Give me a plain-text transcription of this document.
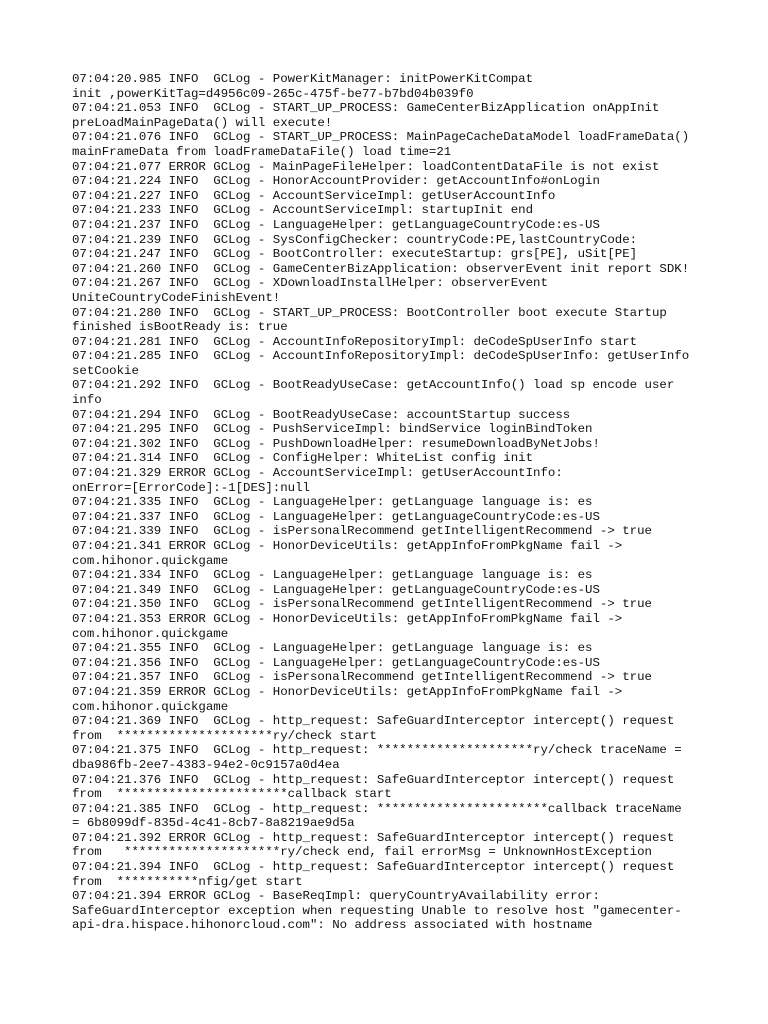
07:04:20.985 INFO  GCLog - PowerKitManager: initPowerKitCompat
init ,powerKitTag=d4956c09-265c-475f-be77-b7bd04b039f0
07:04:21.053 INFO  GCLog - START_UP_PROCESS: GameCenterBizApplication onAppInit
preLoadMainPageData() will execute!
07:04:21.076 INFO  GCLog - START_UP_PROCESS: MainPageCacheDataModel loadFrameData()
mainFrameData from loadFrameDataFile() load time=21
07:04:21.077 ERROR GCLog - MainPageFileHelper: loadContentDataFile is not exist
07:04:21.224 INFO  GCLog - HonorAccountProvider: getAccountInfo#onLogin
07:04:21.227 INFO  GCLog - AccountServiceImpl: getUserAccountInfo
07:04:21.233 INFO  GCLog - AccountServiceImpl: startupInit end
07:04:21.237 INFO  GCLog - LanguageHelper: getLanguageCountryCode:es-US
07:04:21.239 INFO  GCLog - SysConfigChecker: countryCode:PE,lastCountryCode:
07:04:21.247 INFO  GCLog - BootController: executeStartup: grs[PE], uSit[PE]
07:04:21.260 INFO  GCLog - GameCenterBizApplication: observerEvent init report SDK!
07:04:21.267 INFO  GCLog - XDownloadInstallHelper: observerEvent
UniteCountryCodeFinishEvent!
07:04:21.280 INFO  GCLog - START_UP_PROCESS: BootController boot execute Startup
finished isBootReady is: true
07:04:21.281 INFO  GCLog - AccountInfoRepositoryImpl: deCodeSpUserInfo start
07:04:21.285 INFO  GCLog - AccountInfoRepositoryImpl: deCodeSpUserInfo: getUserInfo
setCookie
07:04:21.292 INFO  GCLog - BootReadyUseCase: getAccountInfo() load sp encode user
info
07:04:21.294 INFO  GCLog - BootReadyUseCase: accountStartup success
07:04:21.295 INFO  GCLog - PushServiceImpl: bindService loginBindToken
07:04:21.302 INFO  GCLog - PushDownloadHelper: resumeDownloadByNetJobs!
07:04:21.314 INFO  GCLog - ConfigHelper: WhiteList config init
07:04:21.329 ERROR GCLog - AccountServiceImpl: getUserAccountInfo:
onError=[ErrorCode]:-1[DES]:null
07:04:21.335 INFO  GCLog - LanguageHelper: getLanguage language is: es
07:04:21.337 INFO  GCLog - LanguageHelper: getLanguageCountryCode:es-US
07:04:21.339 INFO  GCLog - isPersonalRecommend getIntelligentRecommend -> true
07:04:21.341 ERROR GCLog - HonorDeviceUtils: getAppInfoFromPkgName fail ->
com.hihonor.quickgame
07:04:21.334 INFO  GCLog - LanguageHelper: getLanguage language is: es
07:04:21.349 INFO  GCLog - LanguageHelper: getLanguageCountryCode:es-US
07:04:21.350 INFO  GCLog - isPersonalRecommend getIntelligentRecommend -> true
07:04:21.353 ERROR GCLog - HonorDeviceUtils: getAppInfoFromPkgName fail ->
com.hihonor.quickgame
07:04:21.355 INFO  GCLog - LanguageHelper: getLanguage language is: es
07:04:21.356 INFO  GCLog - LanguageHelper: getLanguageCountryCode:es-US
07:04:21.357 INFO  GCLog - isPersonalRecommend getIntelligentRecommend -> true
07:04:21.359 ERROR GCLog - HonorDeviceUtils: getAppInfoFromPkgName fail ->
com.hihonor.quickgame
07:04:21.369 INFO  GCLog - http_request: SafeGuardInterceptor intercept() request
from  *********************ry/check start
07:04:21.375 INFO  GCLog - http_request: *********************ry/check traceName =
dba986fb-2ee7-4383-94e2-0c9157a0d4ea
07:04:21.376 INFO  GCLog - http_request: SafeGuardInterceptor intercept() request
from  ***********************callback start
07:04:21.385 INFO  GCLog - http_request: ***********************callback traceName
= 6b8099df-835d-4c41-8cb7-8a8219ae9d5a
07:04:21.392 ERROR GCLog - http_request: SafeGuardInterceptor intercept() request
from   *********************ry/check end, fail errorMsg = UnknownHostException
07:04:21.394 INFO  GCLog - http_request: SafeGuardInterceptor intercept() request
from  ***********nfig/get start
07:04:21.394 ERROR GCLog - BaseReqImpl: queryCountryAvailability error:
SafeGuardInterceptor exception when requesting Unable to resolve host "gamecenter-
api-dra.hispace.hihonorcloud.com": No address associated with hostname
